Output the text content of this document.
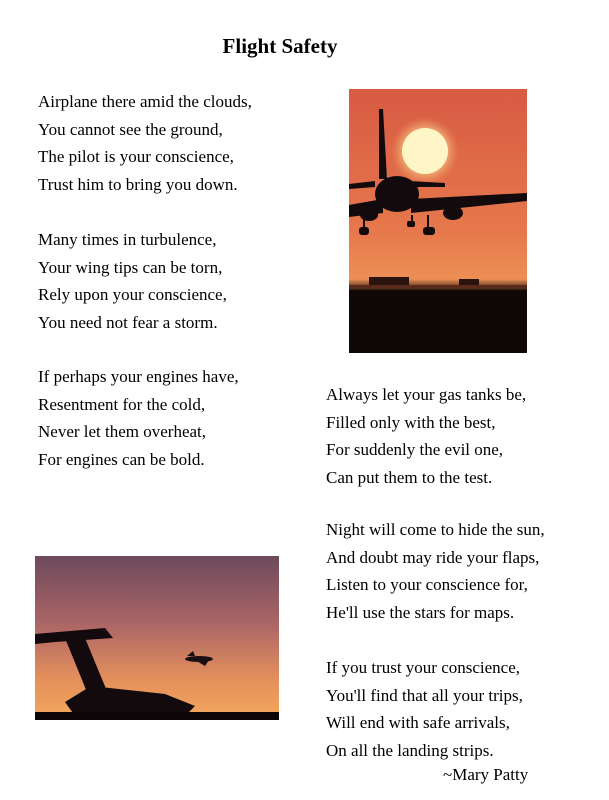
Flight Safety
Airplane there amid the clouds,
You cannot see the ground,
The pilot is your conscience,
Trust him to bring you down.
Many times in turbulence,
Your wing tips can be torn,
Rely upon your conscience,
You need not fear a storm.
If perhaps your engines have,
Resentment for the cold,
Never let them overheat,
For engines can be bold.
Always let your gas tanks be,
Filled only with the best,
For suddenly the evil one,
Can put them to the test.
Night will come to hide the sun,
And doubt may ride your flaps,
Listen to your conscience for,
He'll use the stars for maps.
If you trust your conscience,
You'll find that all your trips,
Will end with safe arrivals,
On all the landing strips.
~Mary Patty
